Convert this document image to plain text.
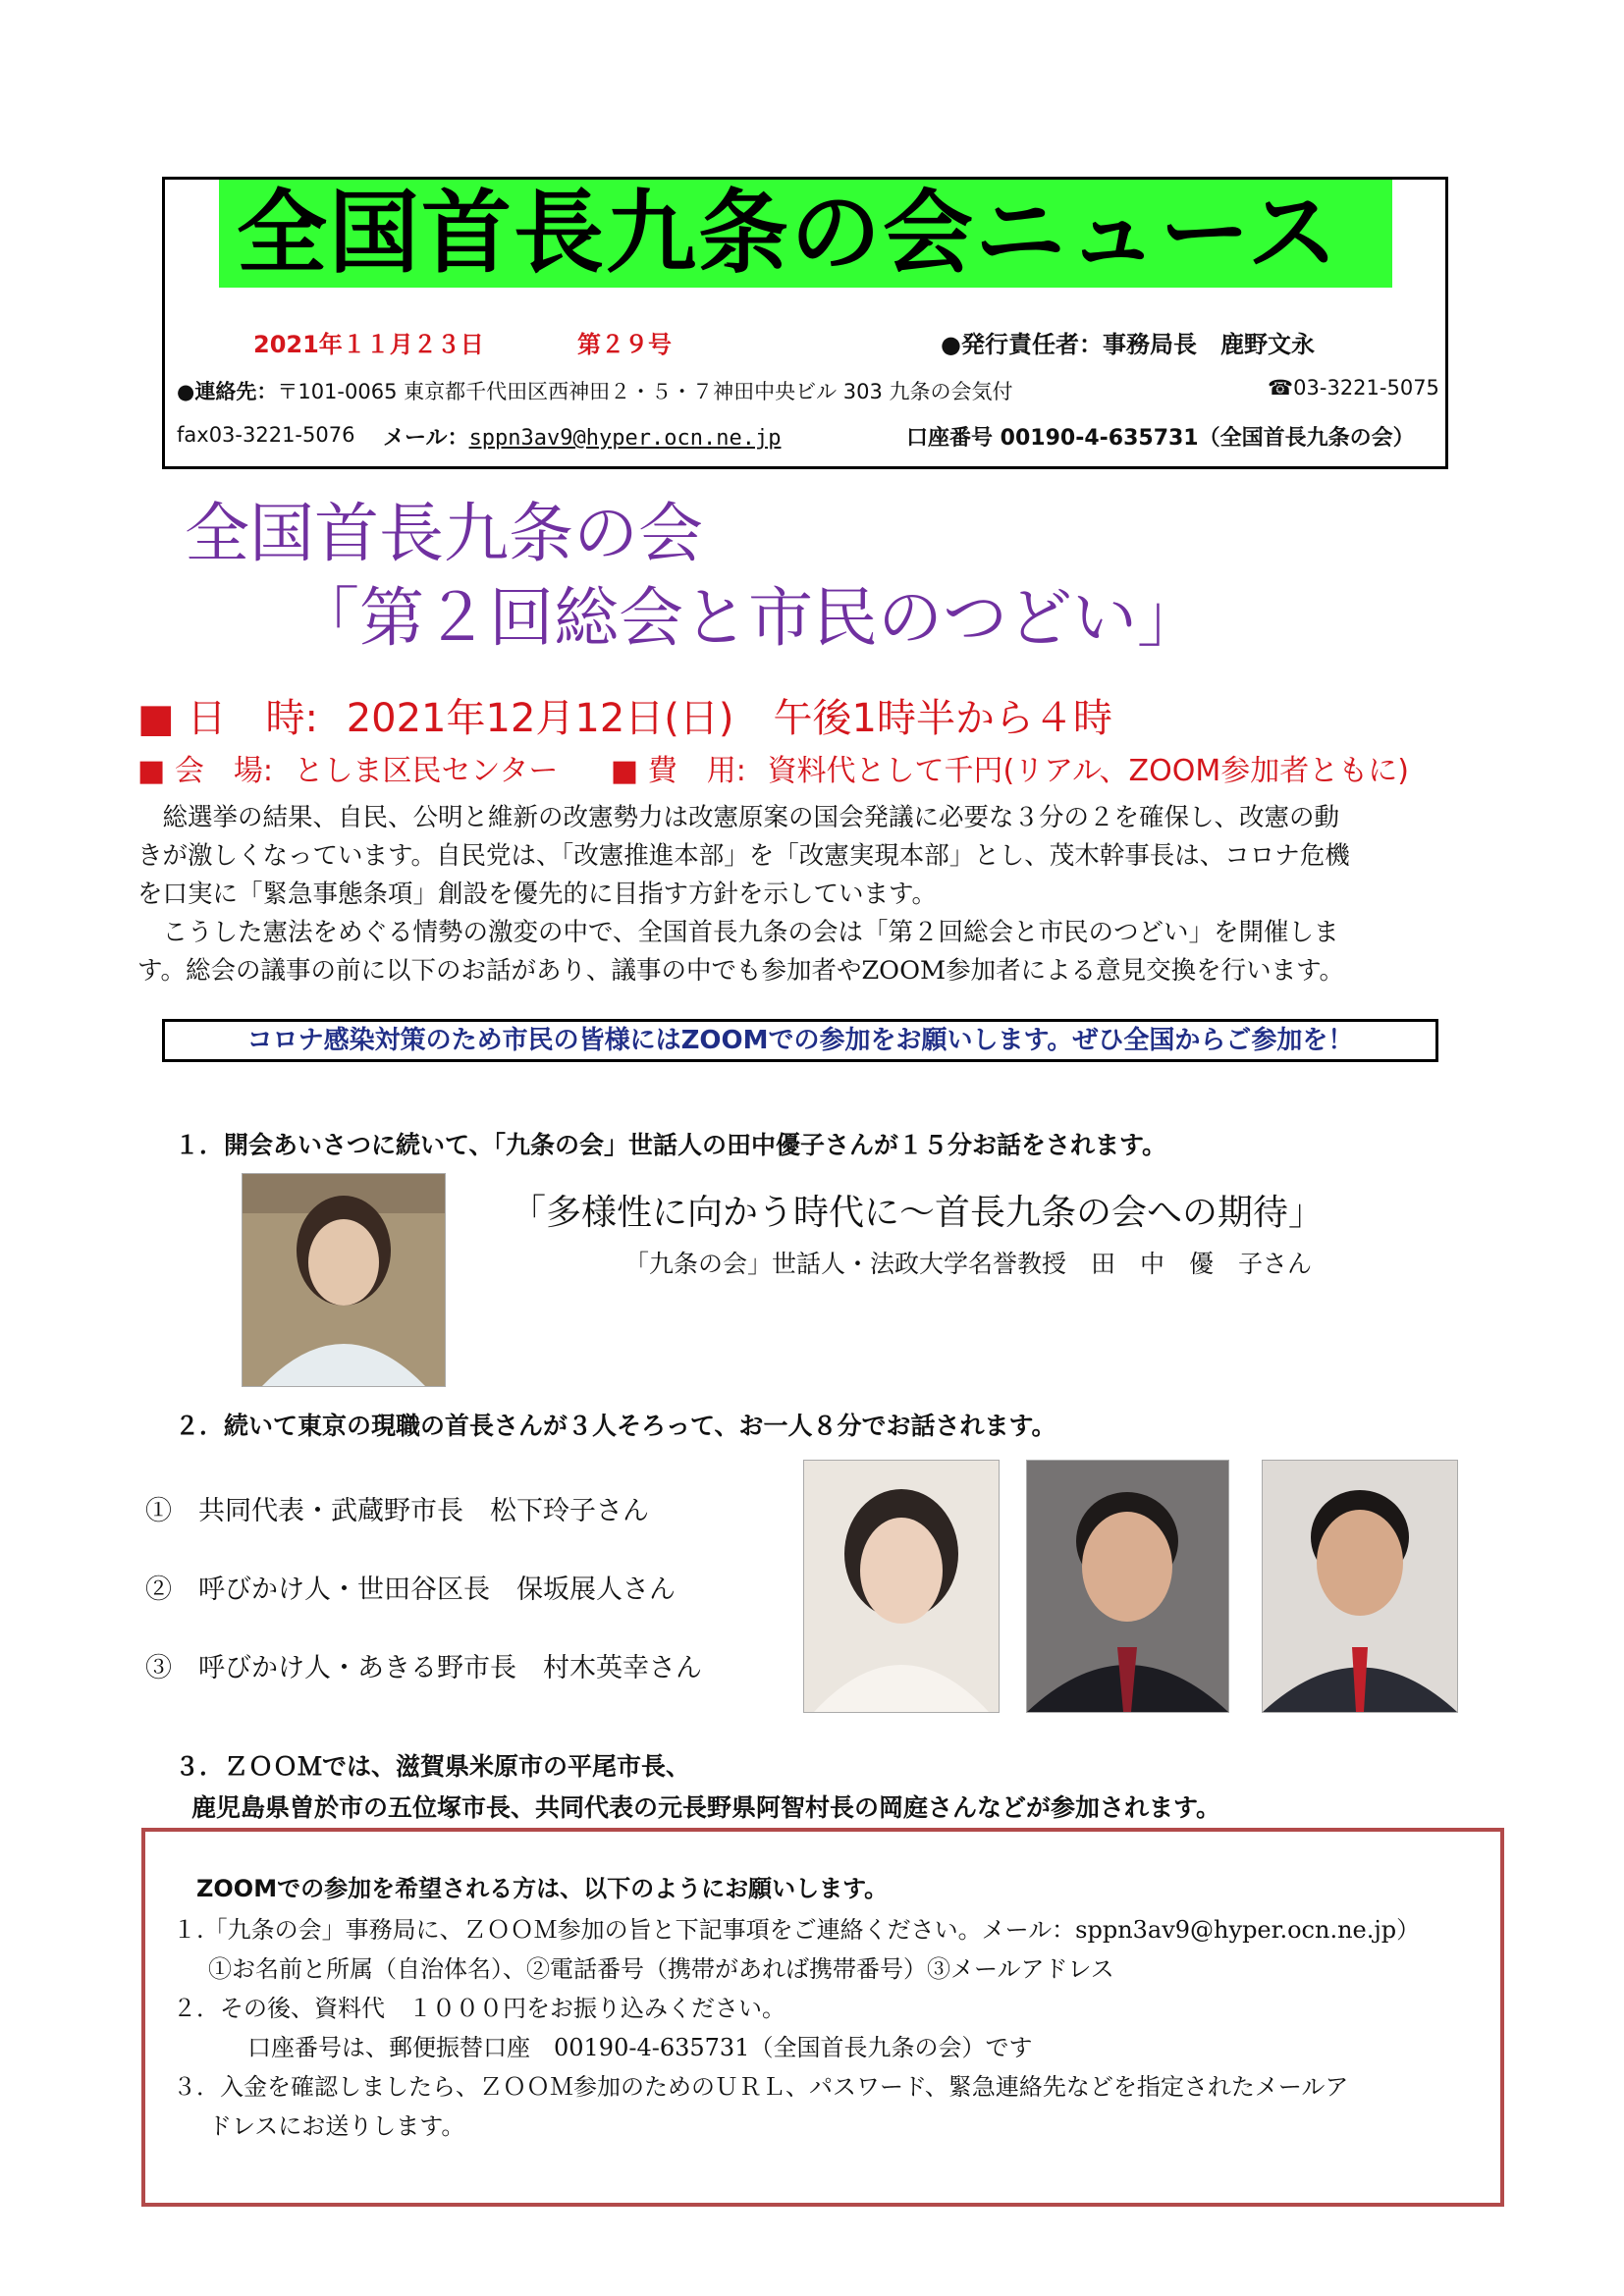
全国首長九条の会ニュース
2021年１１月２３日	第２９号	●発行責任者：事務局長　鹿野文永
●連絡先：〒101-0065 東京都千代田区西神田２・５・７神田中央ビル 303 九条の会気付	☎03-3221-5075
fax03-3221-5076 メール：sppn3av9@hyper.ocn.ne.jp	口座番号 00190-4-635731（全国首長九条の会）
全国首長九条の会
「第２回総会と市民のつどい」
■ 日　時: 2021年12月12日(日)　午後1時半から４時
■ 会　場: としま区民センター ■ 費　用: 資料代として千円(リアル、ZOOM参加者ともに)
　総選挙の結果、自民、公明と維新の改憲勢力は改憲原案の国会発議に必要な３分の２を確保し、改憲の動
きが激しくなっています。自民党は、「改憲推進本部」を「改憲実現本部」とし、茂木幹事長は、コロナ危機
を口実に「緊急事態条項」創設を優先的に目指す方針を示しています。
　こうした憲法をめぐる情勢の激変の中で、全国首長九条の会は「第２回総会と市民のつどい」を開催しま
す。総会の議事の前に以下のお話があり、議事の中でも参加者やZOOM参加者による意見交換を行います。
コロナ感染対策のため市民の皆様にはZOOMでの参加をお願いします。ぜひ全国からご参加を！
１．開会あいさつに続いて、「九条の会」世話人の田中優子さんが１５分お話をされます。
「多様性に向かう時代に～首長九条の会への期待」
「九条の会」世話人・法政大学名誉教授　田　中　優　子さん
２．続いて東京の現職の首長さんが３人そろって、お一人８分でお話されます。
①　共同代表・武蔵野市長　松下玲子さん
②　呼びかけ人・世田谷区長　保坂展人さん
③　呼びかけ人・あきる野市長　村木英幸さん
３．ＺＯＯＭでは、滋賀県米原市の平尾市長、
鹿児島県曽於市の五位塚市長、共同代表の元長野県阿智村長の岡庭さんなどが参加されます。
ZOOMでの参加を希望される方は、以下のようにお願いします。
１.「九条の会」事務局に、ＺＯＯＭ参加の旨と下記事項をご連絡ください。メール：sppn3av9@hyper.ocn.ne.jp）
①お名前と所属（自治体名）、②電話番号（携帯があれば携帯番号）③メールアドレス
２．その後、資料代　１０００円をお振り込みください。
口座番号は、郵便振替口座　00190-4-635731（全国首長九条の会）です
３．入金を確認しましたら、ＺＯＯＭ参加のためのＵＲＬ、パスワード、緊急連絡先などを指定されたメールア
ドレスにお送りします。
